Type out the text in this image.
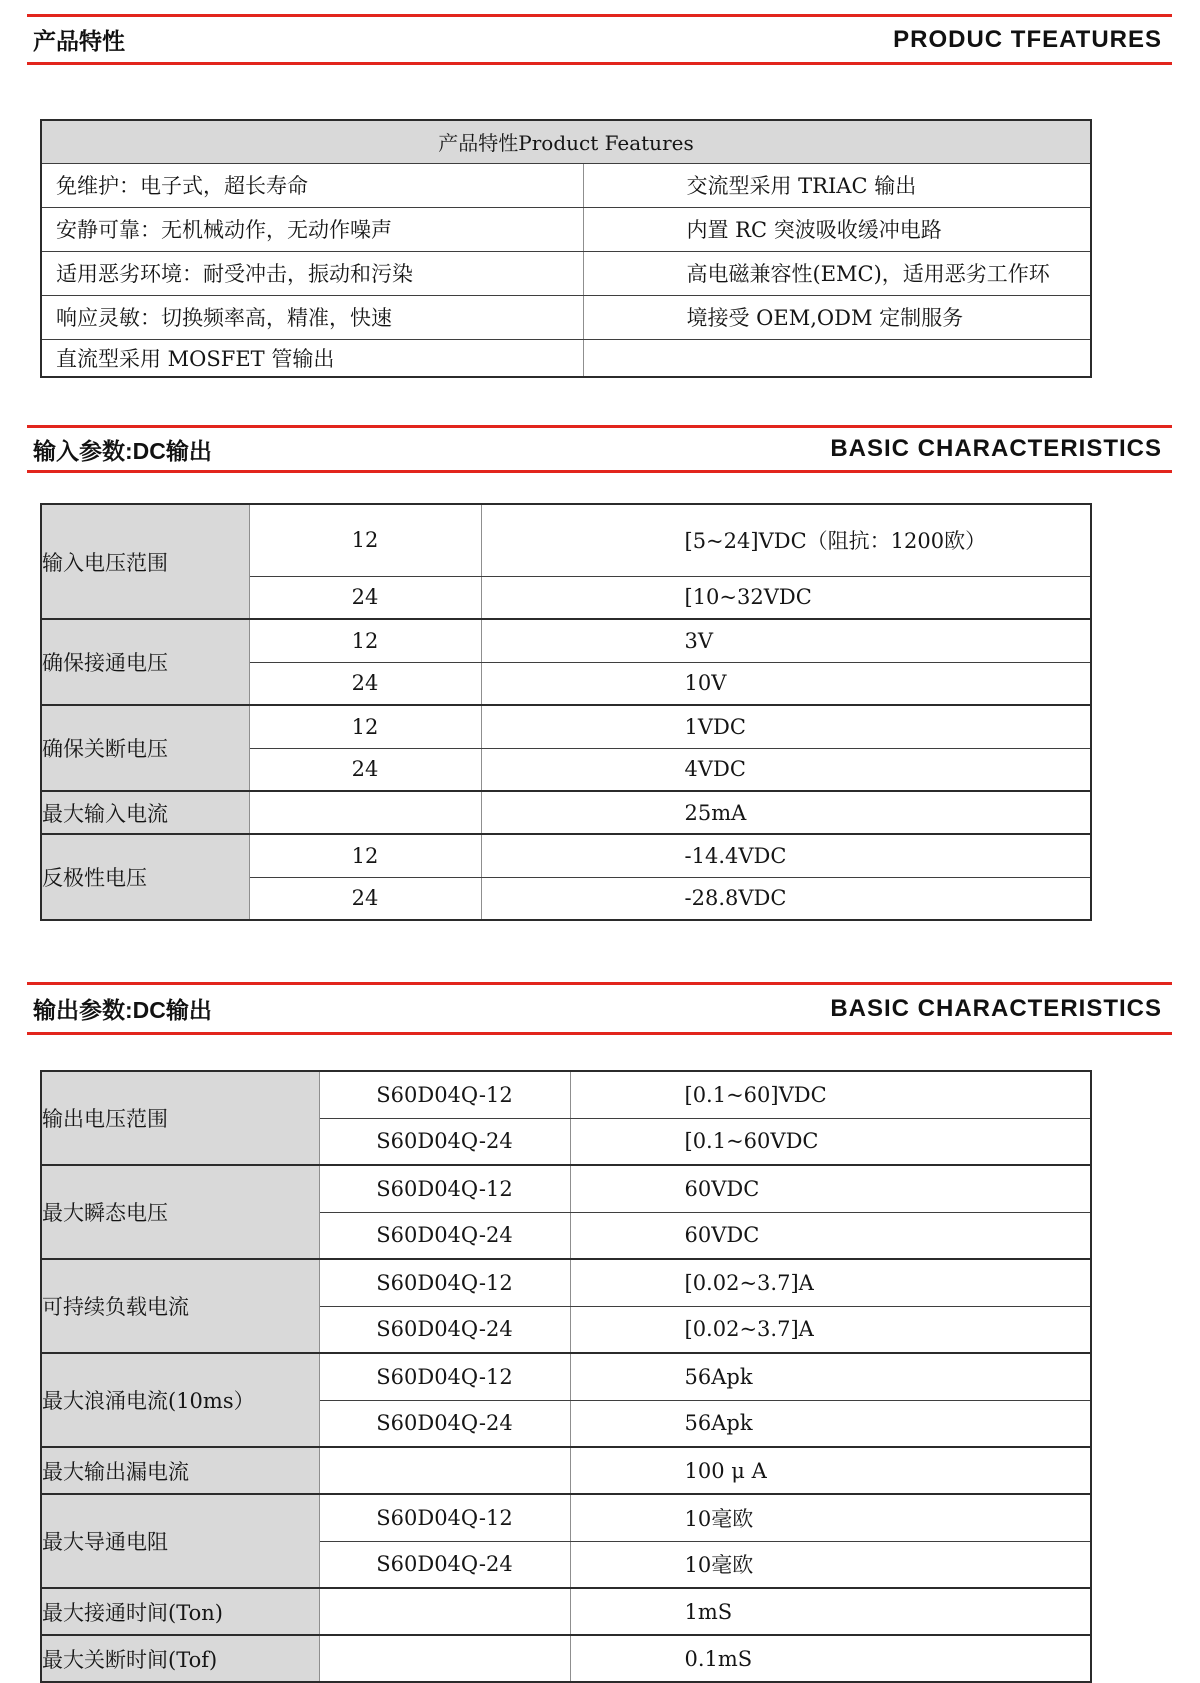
产品特性	PRODUC TFEATURES
产品特性Product Features	
免维护：电子式，超长寿命	交流型采用 TRIAC 输出
安静可靠：无机械动作，无动作噪声	内置 RC 突波吸收缓冲电路
适用恶劣环境：耐受冲击，振动和污染	高电磁兼容性(EMC)，适用恶劣工作环
响应灵敏：切换频率高，精准，快速	境接受 OEM,ODM 定制服务
直流型采用 MOSFET 管输出	
输入参数:DC输出	BASIC CHARACTERISTICS
输入电压范围	12	[5~24]VDC（阻抗：1200欧）
	24	[10~32VDC
确保接通电压	12	3V
	24	10V
确保关断电压	12	1VDC
	24	4VDC
最大输入电流		25mA
反极性电压	12	-14.4VDC
	24	-28.8VDC
输出参数:DC输出	BASIC CHARACTERISTICS
输出电压范围	S60D04Q-12	[0.1~60]VDC
	S60D04Q-24	[0.1~60VDC
最大瞬态电压	S60D04Q-12	60VDC
	S60D04Q-24	60VDC
可持续负载电流	S60D04Q-12	[0.02~3.7]A
	S60D04Q-24	[0.02~3.7]A
最大浪涌电流(10ms）	S60D04Q-12	56Apk
	S60D04Q-24	56Apk
最大输出漏电流		100 μ A
最大导通电阻	S60D04Q-12	10毫欧
	S60D04Q-24	10毫欧
最大接通时间(Ton)		1mS
最大关断时间(Tof)		0.1mS
